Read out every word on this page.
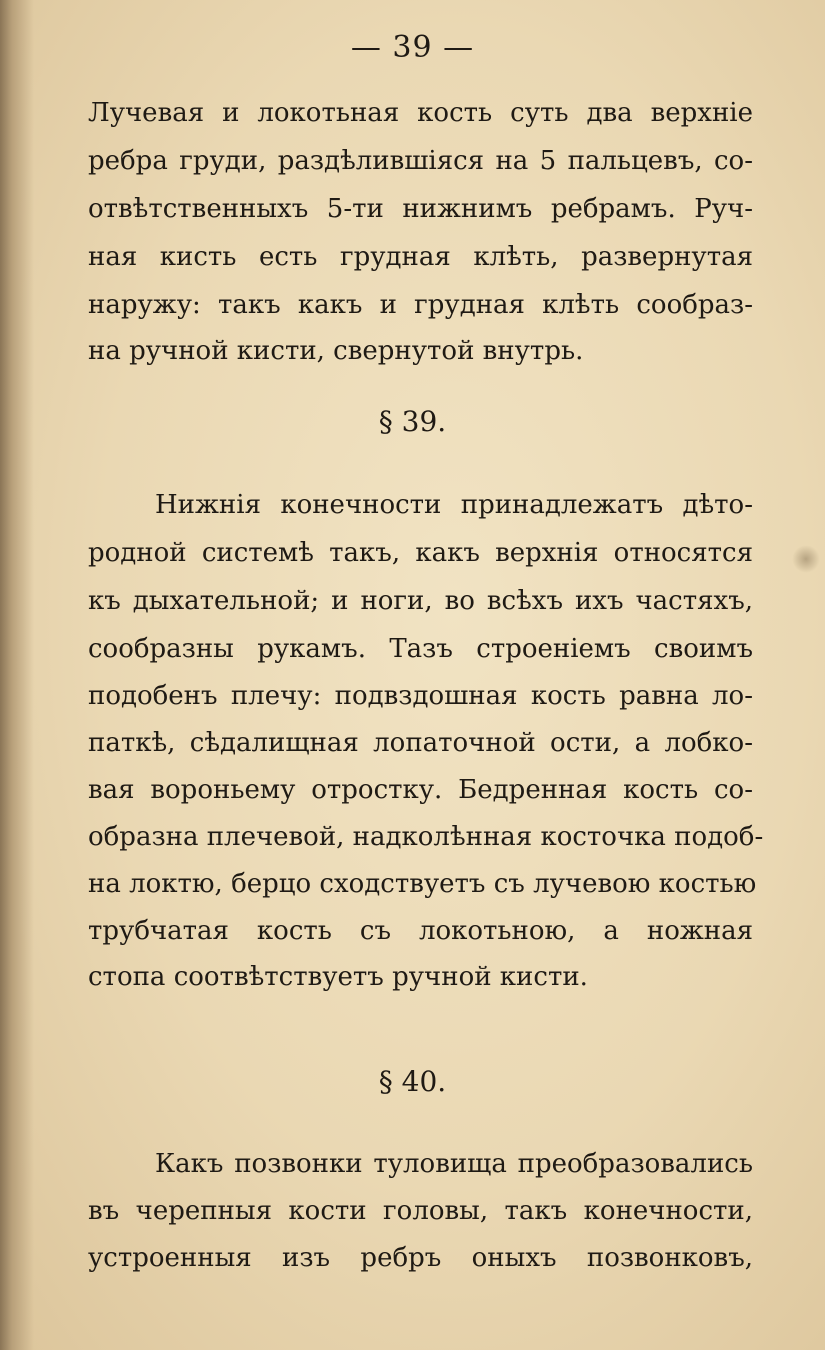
— 39 —
Лучевая и локотьная кость суть два верхніе
ребра груди, раздѣлившіяся на 5 пальцевъ, со-
отвѣтственныхъ 5-ти нижнимъ ребрамъ. Руч-
ная кисть есть грудная клѣть, развернутая
наружу: такъ какъ и грудная клѣть сообраз-
на ручной кисти, свернутой внутрь.
§ 39.
Нижнія конечности принадлежатъ дѣто-
родной системѣ такъ, какъ верхнія относятся
къ дыхательной; и ноги, во всѣхъ ихъ частяхъ,
сообразны рукамъ. Тазъ строеніемъ своимъ
подобенъ плечу: подвздошная кость равна ло-
паткѣ, сѣдалищная лопаточной ости, а лобко-
вая вороньему отростку. Бедренная кость со-
образна плечевой, надколѣнная косточка подоб-
на локтю, берцо сходствуетъ съ лучевою костью
трубчатая кость съ локотьною, а ножная
стопа соотвѣтствуетъ ручной кисти.
§ 40.
Какъ позвонки туловища преобразовались
въ черепныя кости головы, такъ конечности,
устроенныя изъ ребръ оныхъ позвонковъ,
